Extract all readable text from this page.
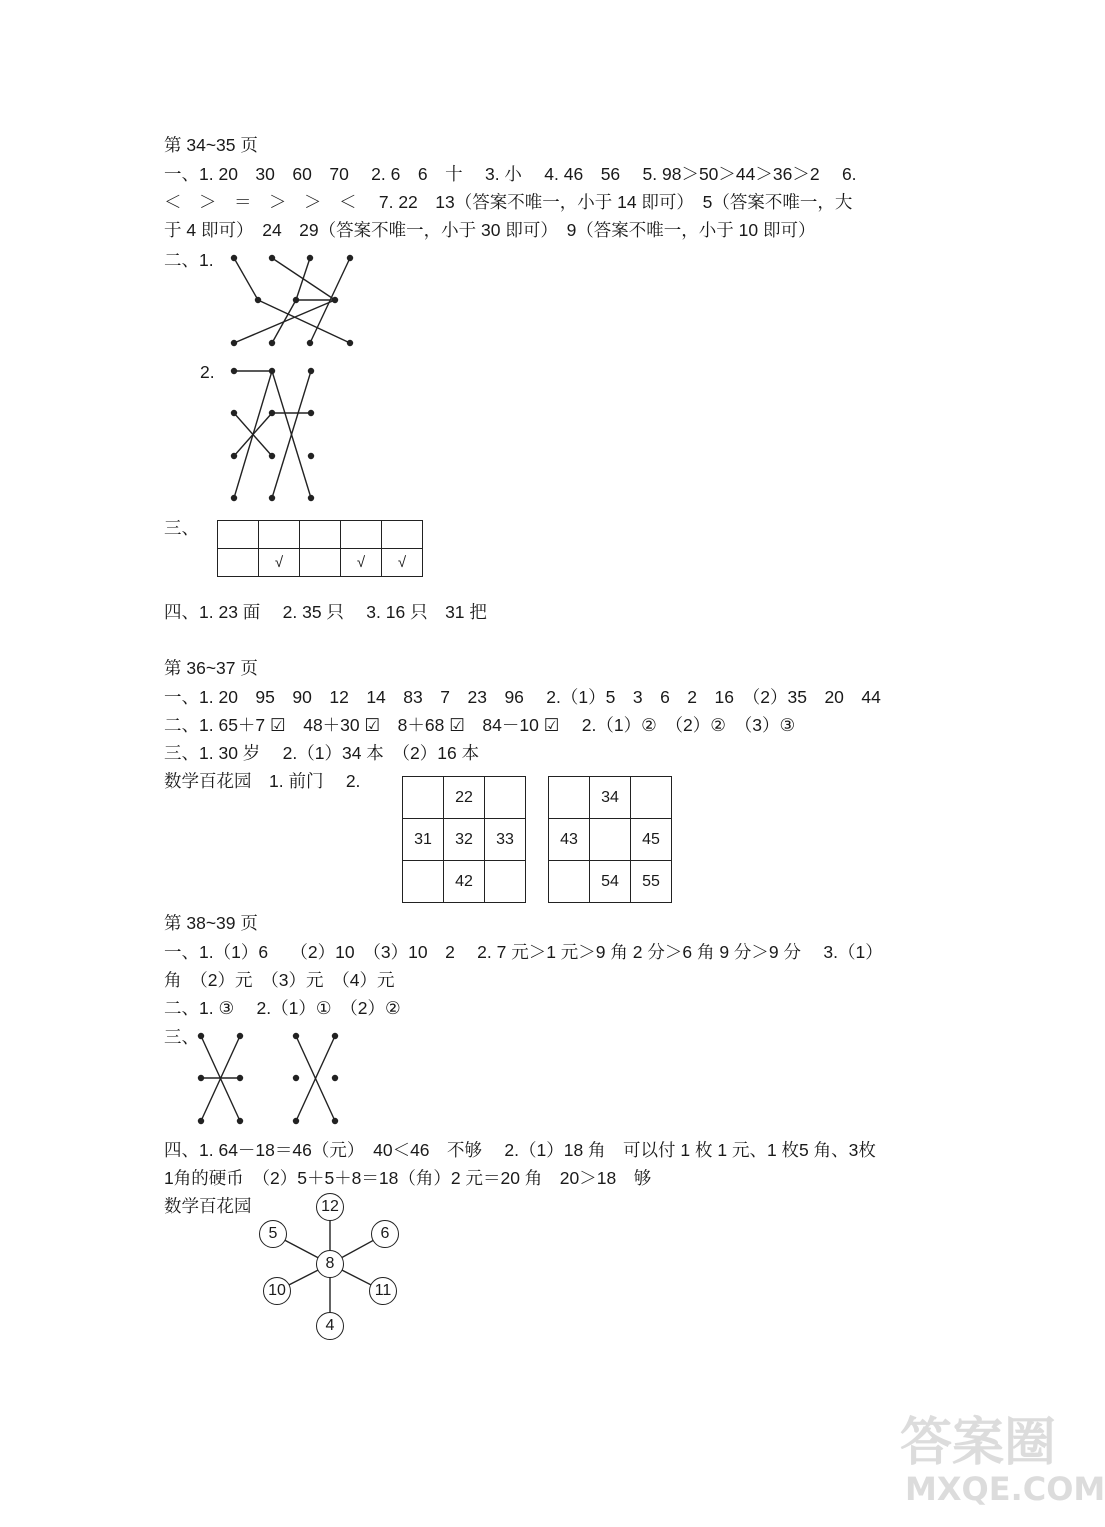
第 34~35 页
一、1. 20　30　60　70　 2. 6　6　十　 3. 小　 4. 46　56　 5. 98＞50＞44＞36＞2　 6.
＜　＞　＝　＞　＞　＜　 7. 22　13（答案不唯一，小于 14 即可）　5（答案不唯一，大
于 4 即可）　24　29（答案不唯一，小于 30 即可）　9（答案不唯一，小于 10 即可）
二、1.
2.
三、

	√		√	√
四、1. 23 面　 2. 35 只　 3. 16 只　31 把
第 36~37 页
一、1. 20　95　90　12　14　83　7　23　96　 2.（1）5　3　6　2　16　（2）35　20　44
二、1. 65＋7 ☑　48＋30 ☑　8＋68 ☑　84－10 ☑　 2.（1）②　（2）②　（3）③
三、1. 30 岁　 2.（1）34 本　（2）16 本
数学百花园　1. 前门　 2.
	22	
31	32	33
	42	
	34	
43		45
	54	55
第 38~39 页
一、1.（1）6　 （2）10　（3）10　2　 2. 7 元＞1 元＞9 角 2 分＞6 角 9 分＞9 分　 3.（1）
角　（2）元　（3）元　（4）元
二、1. ③　 2.（1）①　（2）②
三、
四、1. 64－18＝46（元）　40＜46　不够　 2.（1）18 角　可以付 1 枚 1 元、1 枚5 角、3枚
1角的硬币　（2）5＋5＋8＝18（角）2 元＝20 角　20＞18　够
数学百花园
8
12
6
11
4
10
5
答案圈
MXQE.COM
